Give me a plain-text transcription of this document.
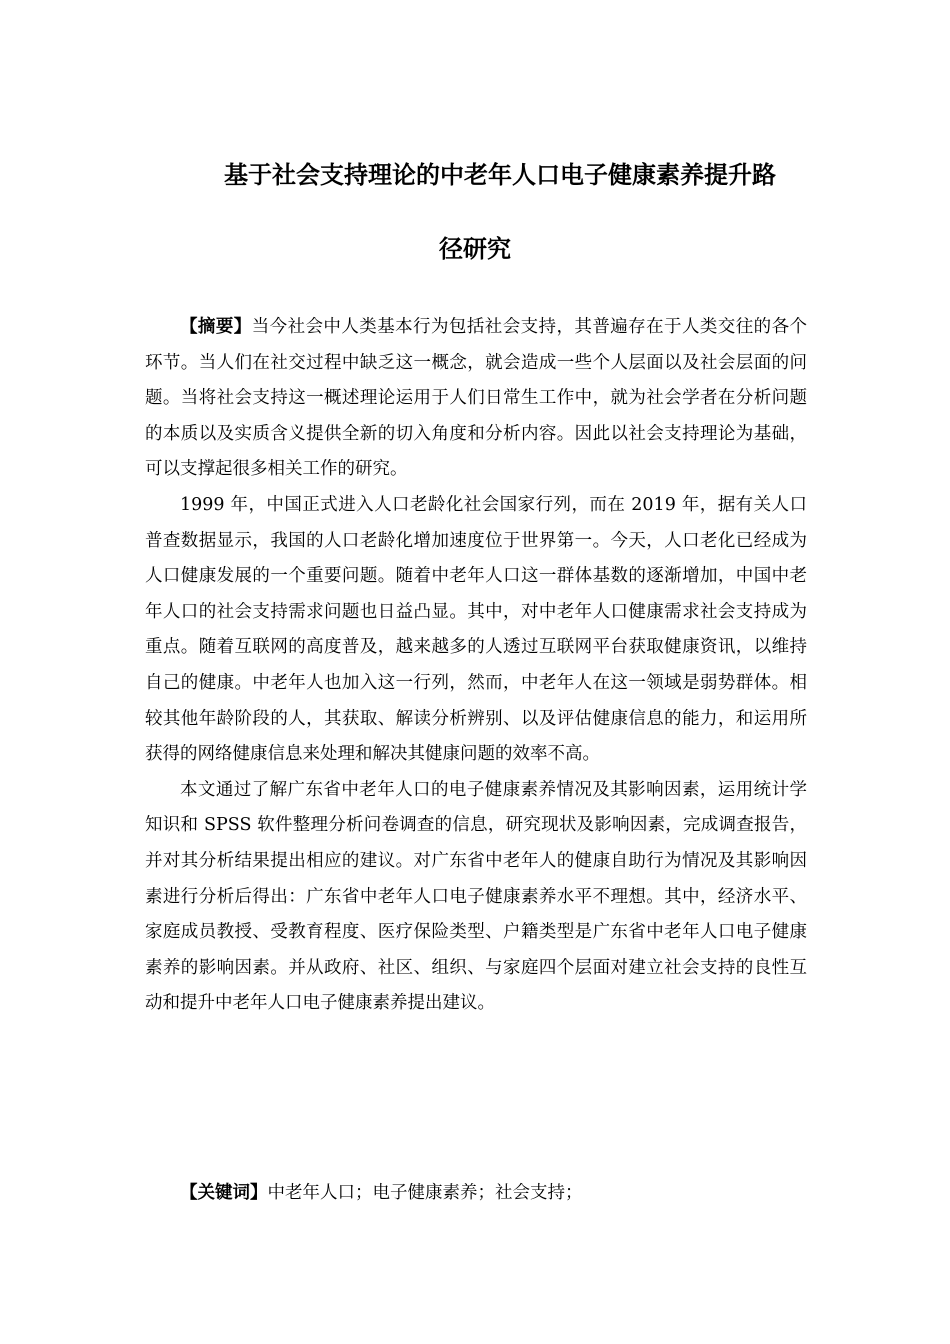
基于社会支持理论的中老年人口电子健康素养提升路
径研究

【摘要】当今社会中人类基本行为包括社会支持，其普遍存在于人类交往的各个环节。当人们在社交过程中缺乏这一概念，就会造成一些个人层面以及社会层面的问题。当将社会支持这一概述理论运用于人们日常生工作中，就为社会学者在分析问题的本质以及实质含义提供全新的切入角度和分析内容。因此以社会支持理论为基础，可以支撑起很多相关工作的研究。

1999 年，中国正式进入人口老龄化社会国家行列，而在 2019 年，据有关人口普查数据显示，我国的人口老龄化增加速度位于世界第一。今天，人口老化已经成为人口健康发展的一个重要问题。随着中老年人口这一群体基数的逐渐增加，中国中老年人口的社会支持需求问题也日益凸显。其中，对中老年人口健康需求社会支持成为重点。随着互联网的高度普及，越来越多的人透过互联网平台获取健康资讯，以维持自己的健康。中老年人也加入这一行列，然而，中老年人在这一领域是弱势群体。相较其他年龄阶段的人，其获取、解读分析辨别、以及评估健康信息的能力，和运用所获得的网络健康信息来处理和解决其健康问题的效率不高。

本文通过了解广东省中老年人口的电子健康素养情况及其影响因素，运用统计学知识和 SPSS 软件整理分析问卷调查的信息，研究现状及影响因素，完成调查报告，并对其分析结果提出相应的建议。对广东省中老年人的健康自助行为情况及其影响因素进行分析后得出：广东省中老年人口电子健康素养水平不理想。其中，经济水平、家庭成员教授、受教育程度、医疗保险类型、户籍类型是广东省中老年人口电子健康素养的影响因素。并从政府、社区、组织、与家庭四个层面对建立社会支持的良性互动和提升中老年人口电子健康素养提出建议。

【关键词】中老年人口；电子健康素养；社会支持；
